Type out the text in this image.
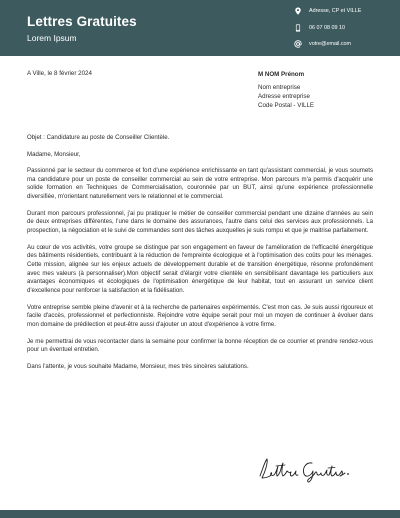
Lettres Gratuites
Lorem Ipsum
Adresse, CP et VILLE
06 07 08 09 10
votre@email.com
A Ville, le 8 février 2024	M NOM Prénom
Nom entreprise
Adresse entreprise
Code Postal - VILLE

Objet : Candidature au poste de Conseiller Clientèle.

Madame, Monsieur,

Passionné par le secteur du commerce et fort d'une expérience enrichissante en tant qu'assistant commercial, je vous soumets ma candidature pour un poste de conseiller commercial au sein de votre entreprise. Mon parcours m'a permis d'acquérir une solide formation en Techniques de Commercialisation, couronnée par un BUT, ainsi qu'une expérience professionnelle diversifiée, m'orientant naturellement vers le relationnel et le commercial.

Durant mon parcours professionnel, j'ai pu pratiquer le métier de conseiller commercial pendant une dizaine d'années au sein de deux entreprises différentes, l'une dans le domaine des assurances, l'autre dans celui des services aux professionnels. La prospection, la négociation et le suivi de commandes sont des tâches auxquelles je suis rompu et que je maitrise parfaitement.

Au cœur de vos activités, votre groupe se distingue par son engagement en faveur de l'amélioration de l'efficacité énergétique des bâtiments résidentiels, contribuant à la réduction de l'empreinte écologique et à l'optimisation des coûts pour les ménages. Cette mission, alignée sur les enjeux actuels de développement durable et de transition énergétique, résonne profondément avec mes valeurs (à personnaliser).Mon objectif serait d'élargir votre clientèle en sensibilisant davantage les particuliers aux avantages économiques et écologiques de l'optimisation énergétique de leur habitat, tout en assurant un service client d'excellence pour renforcer la satisfaction et la fidélisation.

Votre entreprise semble pleine d'avenir et à la recherche de partenaires expérimentés. C'est mon cas. Je suis aussi rigoureux et facile d'accès, professionnel et perfectionniste. Rejoindre votre équipe serait pour moi un moyen de continuer à évoluer dans mon domaine de prédilection et peut-être aussi d'ajouter un atout d'expérience à votre firme.

Je me permettrai de vous recontacter dans la semaine pour confirmer la bonne réception de ce courrier et prendre rendez-vous pour un éventuel entretien.

Dans l'attente, je vous souhaite Madame, Monsieur, mes très sincères salutations.
